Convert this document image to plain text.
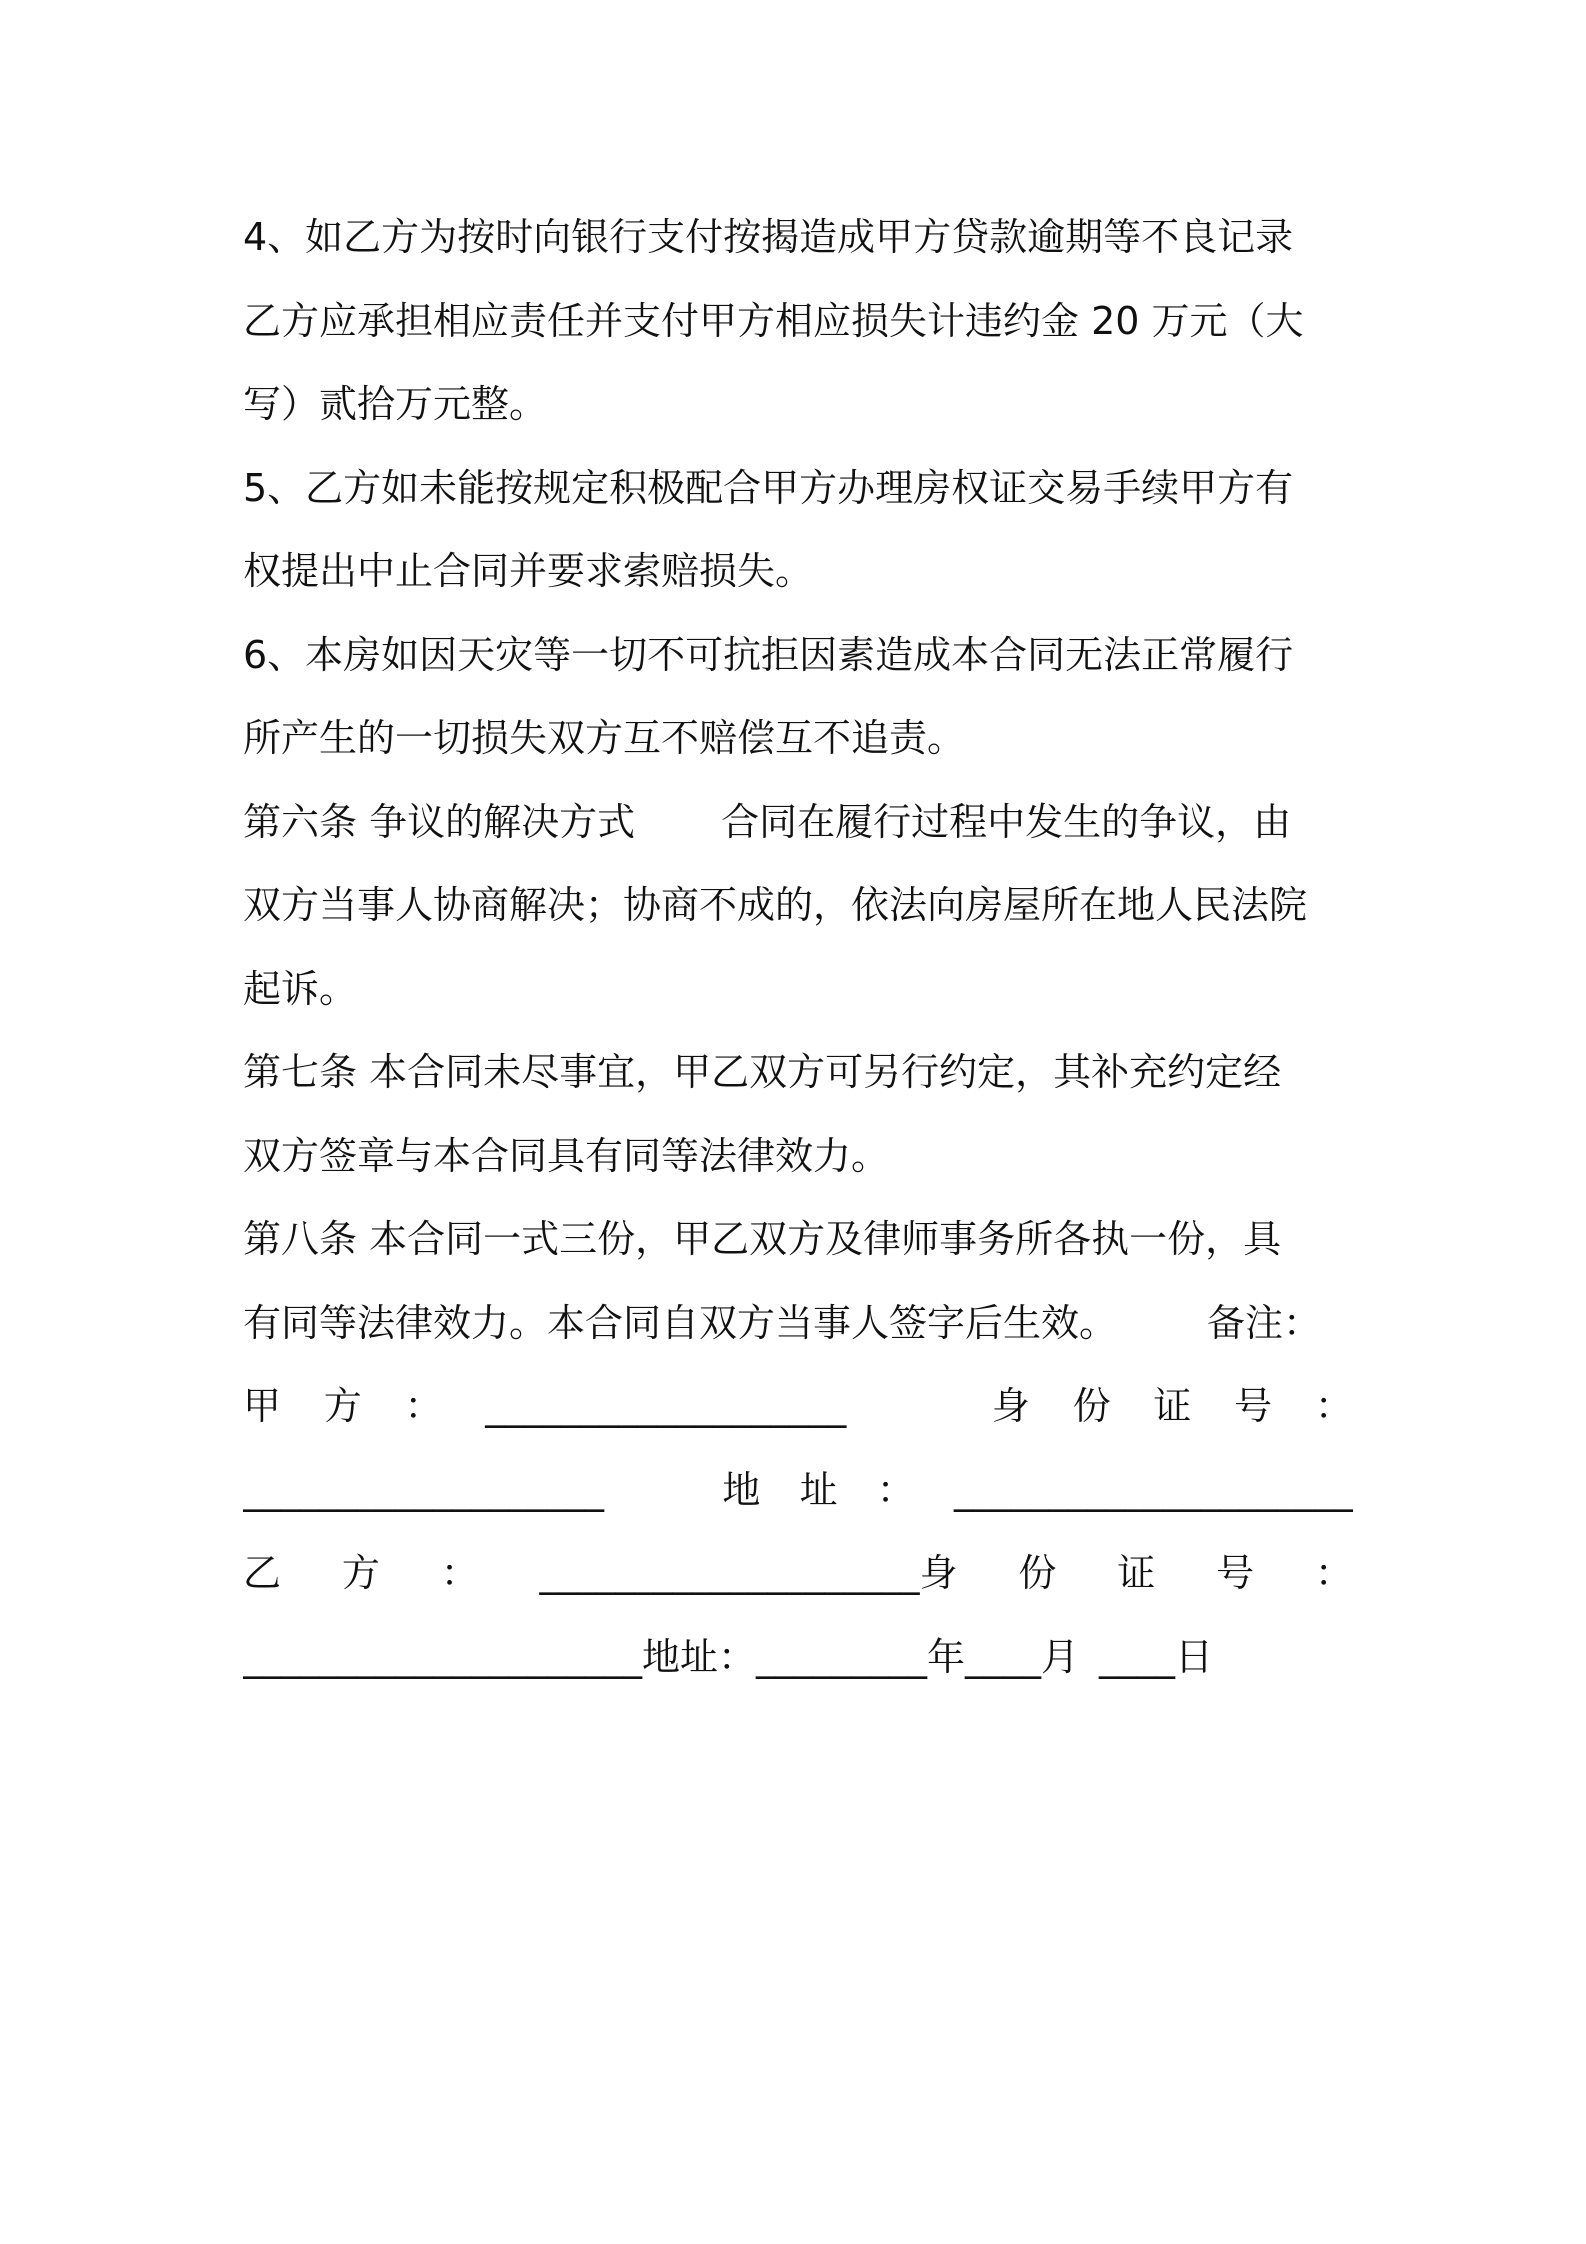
4、如乙方为按时向银行支付按揭造成甲方贷款逾期等不良记录
乙方应承担相应责任并支付甲方相应损失计违约金 20 万元（大
写）贰拾万元整。
5、乙方如未能按规定积极配合甲方办理房权证交易手续甲方有
权提出中止合同并要求索赔损失。
6、本房如因天灾等一切不可抗拒因素造成本合同无法正常履行
所产生的一切损失双方互不赔偿互不追责。
第六条 争议的解决方式 合同在履行过程中发生的争议，由
双方当事人协商解决；协商不成的，依法向房屋所在地人民法院
起诉。
第七条 本合同未尽事宜，甲乙双方可另行约定，其补充约定经
双方签章与本合同具有同等法律效力。
第八条 本合同一式三份，甲乙双方及律师事务所各执一份，具
有同等法律效力。本合同自双方当事人签字后生效。 备注：
甲 方 ： ___________________	身 份 证 号 ：
___________________	地 址 ： _____________________
乙 方 ： ____________________身 份 证 号 ：
_____________________地址：_________年____月 ____日
